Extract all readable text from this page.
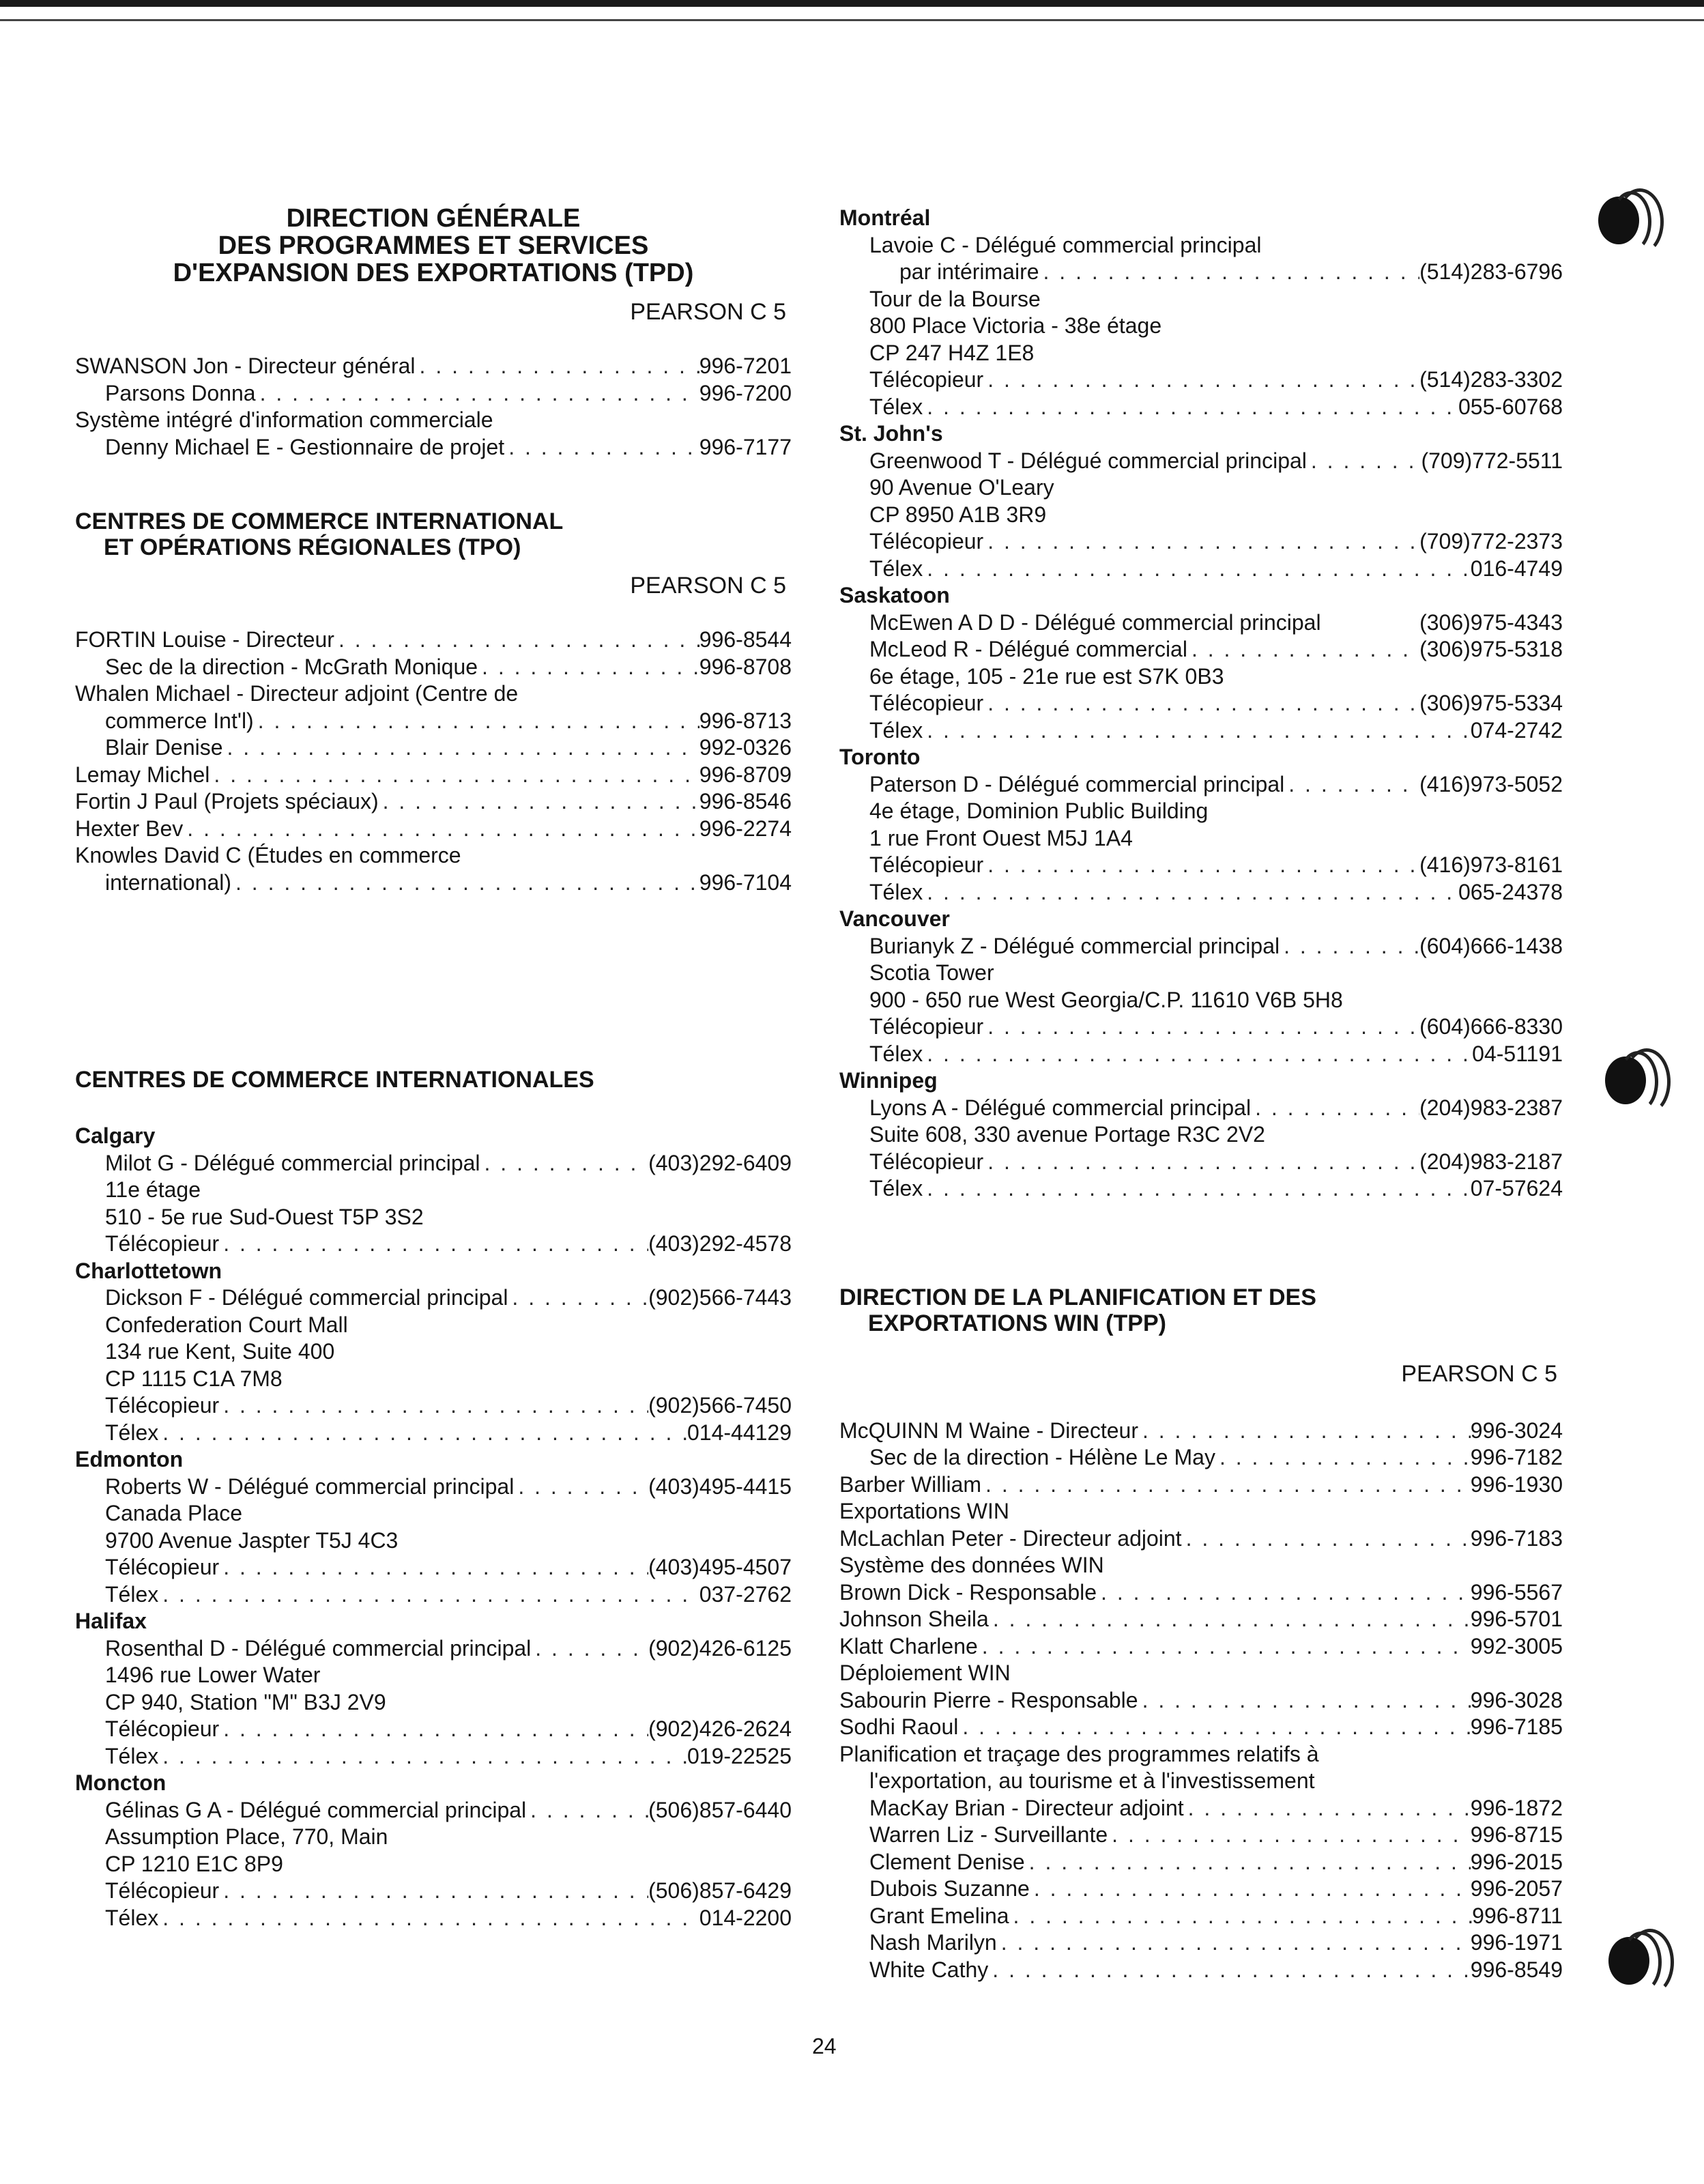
DIRECTION GÉNÉRALE
DES PROGRAMMES ET SERVICES
D'EXPANSION DES EXPORTATIONS (TPD)
PEARSON C 5
SWANSON Jon - Directeur général . . .	996-7201
Parsons Donna . . .	996-7200
Système intégré d'information commerciale
Denny Michael E - Gestionnaire de projet . . .	996-7177
CENTRES DE COMMERCE INTERNATIONAL
ET OPÉRATIONS RÉGIONALES (TPO)
PEARSON C 5
FORTIN Louise - Directeur . . .	996-8544
Sec de la direction - McGrath Monique . . .	996-8708
Whalen Michael - Directeur adjoint (Centre de
commerce Int'l) . . .	996-8713
Blair Denise . . .	992-0326
Lemay Michel . . .	996-8709
Fortin J Paul (Projets spéciaux) . . .	996-8546
Hexter Bev . . .	996-2274
Knowles David C (Études en commerce
international) . . .	996-7104
CENTRES DE COMMERCE INTERNATIONALES
Calgary
Milot G - Délégué commercial principal . . .	(403)292-6409
11e étage
510 - 5e rue Sud-Ouest T5P 3S2
Télécopieur . . .	(403)292-4578
Charlottetown
Dickson F - Délégué commercial principal . . .	(902)566-7443
Confederation Court Mall
134 rue Kent, Suite 400
CP 1115 C1A 7M8
Télécopieur . . .	(902)566-7450
Télex . . .	014-44129
Edmonton
Roberts W - Délégué commercial principal . . .	(403)495-4415
Canada Place
9700 Avenue Jaspter T5J 4C3
Télécopieur . . .	(403)495-4507
Télex . . .	037-2762
Halifax
Rosenthal D - Délégué commercial principal . . .	(902)426-6125
1496 rue Lower Water
CP 940, Station "M" B3J 2V9
Télécopieur . . .	(902)426-2624
Télex . . .	019-22525
Moncton
Gélinas G A - Délégué commercial principal . . .	(506)857-6440
Assumption Place, 770, Main
CP 1210 E1C 8P9
Télécopieur . . .	(506)857-6429
Télex . . .	014-2200
Montréal
Lavoie C - Délégué commercial principal
par intérimaire . . .	(514)283-6796
Tour de la Bourse
800 Place Victoria - 38e étage
CP 247 H4Z 1E8
Télécopieur . . .	(514)283-3302
Télex . . .	055-60768
St. John's
Greenwood T - Délégué commercial principal . . .	(709)772-5511
90 Avenue O'Leary
CP 8950 A1B 3R9
Télécopieur . . .	(709)772-2373
Télex . . .	016-4749
Saskatoon
McEwen A D D - Délégué commercial principal	(306)975-4343
McLeod R - Délégué commercial . . .	(306)975-5318
6e étage, 105 - 21e rue est S7K 0B3
Télécopieur . . .	(306)975-5334
Télex . . .	074-2742
Toronto
Paterson D - Délégué commercial principal . . .	(416)973-5052
4e étage, Dominion Public Building
1 rue Front Ouest M5J 1A4
Télécopieur . . .	(416)973-8161
Télex . . .	065-24378
Vancouver
Burianyk Z - Délégué commercial principal . . .	(604)666-1438
Scotia Tower
900 - 650 rue West Georgia/C.P. 11610 V6B 5H8
Télécopieur . . .	(604)666-8330
Télex . . .	04-51191
Winnipeg
Lyons A - Délégué commercial principal . . .	(204)983-2387
Suite 608, 330 avenue Portage R3C 2V2
Télécopieur . . .	(204)983-2187
Télex . . .	07-57624
DIRECTION DE LA PLANIFICATION ET DES
EXPORTATIONS WIN (TPP)
PEARSON C 5
McQUINN M Waine - Directeur . . .	996-3024
Sec de la direction - Hélène Le May . . .	996-7182
Barber William . . .	996-1930
Exportations WIN
McLachlan Peter - Directeur adjoint . . .	996-7183
Système des données WIN
Brown Dick - Responsable . . .	996-5567
Johnson Sheila . . .	996-5701
Klatt Charlene . . .	992-3005
Déploiement WIN
Sabourin Pierre - Responsable . . .	996-3028
Sodhi Raoul . . .	996-7185
Planification et traçage des programmes relatifs à
l'exportation, au tourisme et à l'investissement
MacKay Brian - Directeur adjoint . . .	996-1872
Warren Liz - Surveillante . . .	996-8715
Clement Denise . . .	996-2015
Dubois Suzanne . . .	996-2057
Grant Emelina . . .	996-8711
Nash Marilyn . . .	996-1971
White Cathy . . .	996-8549
24
